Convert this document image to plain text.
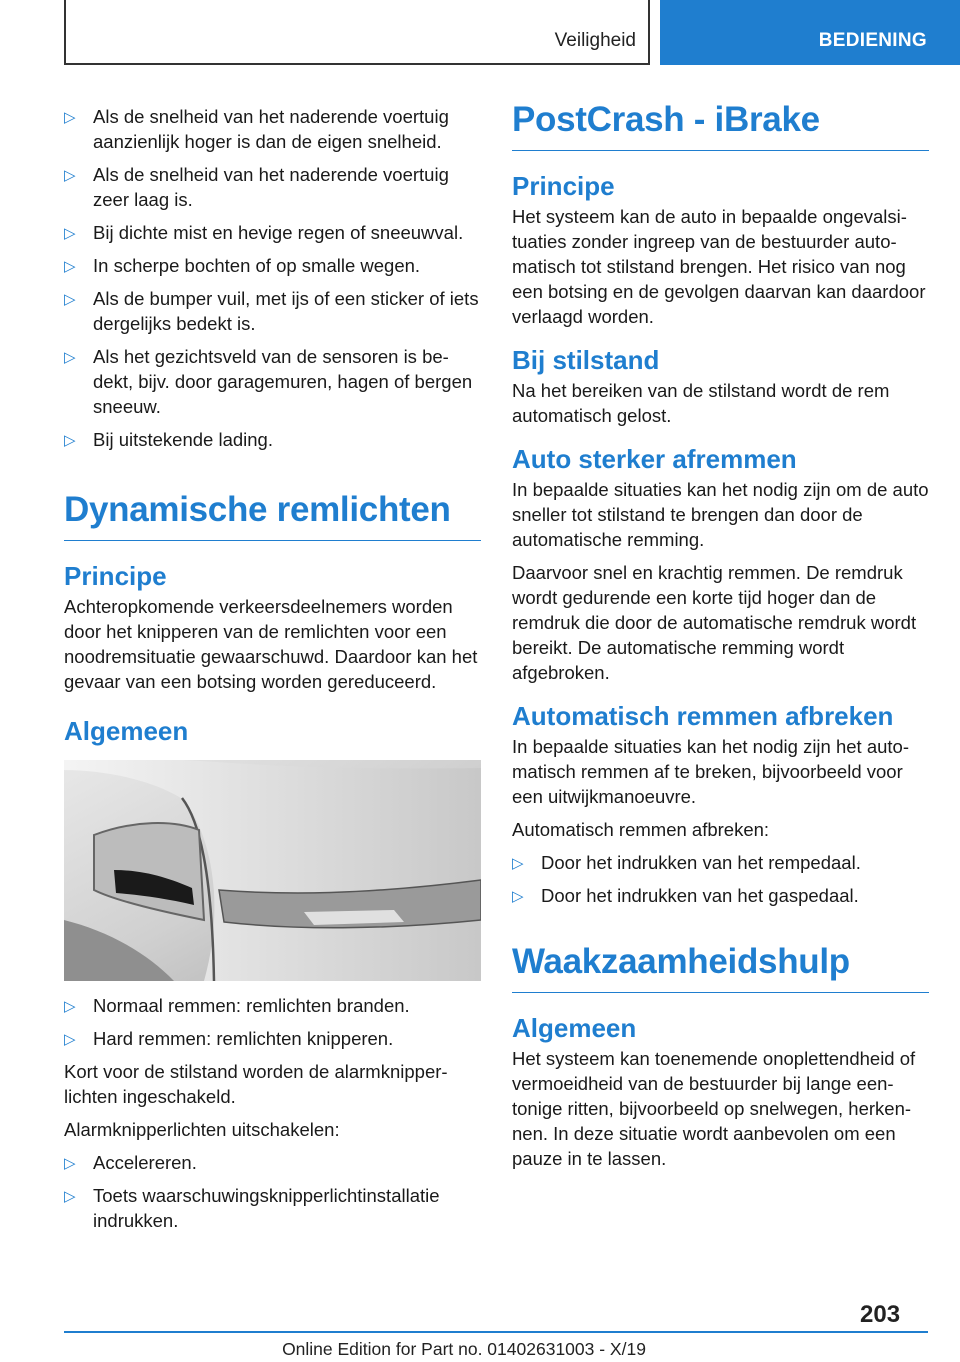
Veiligheid	BEDIENING
▷ Als de snelheid van het naderende voertuig aanzienlijk hoger is dan de eigen snelheid.
▷ Als de snelheid van het naderende voertuig zeer laag is.
▷ Bij dichte mist en hevige regen of sneeuwval.
▷ In scherpe bochten of op smalle wegen.
▷ Als de bumper vuil, met ijs of een sticker of iets dergelijks bedekt is.
▷ Als het gezichtsveld van de sensoren is bedekt, bijv. door garagemuren, hagen of bergen sneeuw.
▷ Bij uitstekende lading.
Dynamische remlichten
Principe
Achteropkomende verkeersdeelnemers worden door het knipperen van de remlichten voor een noodremsituatie gewaarschuwd. Daardoor kan het gevaar van een botsing worden gereduceerd.
Algemeen
▷ Normaal remmen: remlichten branden.
▷ Hard remmen: remlichten knipperen.
Kort voor de stilstand worden de alarmknipperlichten ingeschakeld.
Alarmknipperlichten uitschakelen:
▷ Accelereren.
▷ Toets waarschuwingsknipperlichtinstallatie indrukken.
PostCrash - iBrake
Principe
Het systeem kan de auto in bepaalde ongevalsituaties zonder ingreep van de bestuurder automatisch tot stilstand brengen. Het risico van nog een botsing en de gevolgen daarvan kan daardoor verlaagd worden.
Bij stilstand
Na het bereiken van de stilstand wordt de rem automatisch gelost.
Auto sterker afremmen
In bepaalde situaties kan het nodig zijn om de auto sneller tot stilstand te brengen dan door de automatische remming.
Daarvoor snel en krachtig remmen. De remdruk wordt gedurende een korte tijd hoger dan de remdruk die door de automatische remdruk wordt bereikt. De automatische remming wordt afgebroken.
Automatisch remmen afbreken
In bepaalde situaties kan het nodig zijn het automatisch remmen af te breken, bijvoorbeeld voor een uitwijkmanoeuvre.
Automatisch remmen afbreken:
▷ Door het indrukken van het rempedaal.
▷ Door het indrukken van het gaspedaal.
Waakzaamheidshulp
Algemeen
Het systeem kan toenemende onoplettendheid of vermoeidheid van de bestuurder bij lange eentonige ritten, bijvoorbeeld op snelwegen, herkennen. In deze situatie wordt aanbevolen om een pauze in te lassen.
203
Online Edition for Part no. 01402631003 - X/19
